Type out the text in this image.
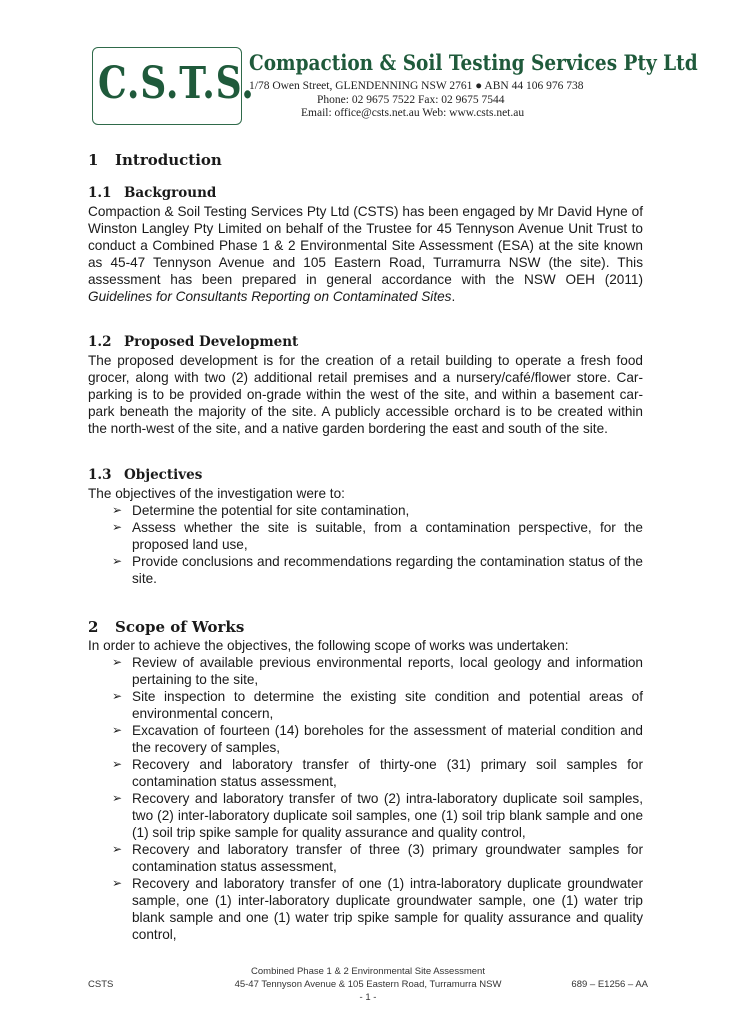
C.S.T.S.
Compaction & Soil Testing Services Pty Ltd
1/78 Owen Street, GLENDENNING NSW 2761 ● ABN 44 106 976 738
Phone: 02 9675 7522 Fax: 02 9675 7544
Email: office@csts.net.au Web: www.csts.net.au
1 Introduction
1.1 Background

Compaction & Soil Testing Services Pty Ltd (CSTS) has been engaged by Mr David Hyne of Winston Langley Pty Limited on behalf of the Trustee for 45 Tennyson Avenue Unit Trust to conduct a Combined Phase 1 & 2 Environmental Site Assessment (ESA) at the site known as 45-47 Tennyson Avenue and 105 Eastern Road, Turramurra NSW (the site). This assessment has been prepared in general accordance with the NSW OEH (2011) Guidelines for Consultants Reporting on Contaminated Sites.

1.2 Proposed Development

The proposed development is for the creation of a retail building to operate a fresh food grocer, along with two (2) additional retail premises and a nursery/café/flower store. Car-parking is to be provided on-grade within the west of the site, and within a basement car-park beneath the majority of the site. A publicly accessible orchard is to be created within the north-west of the site, and a native garden bordering the east and south of the site.

1.3 Objectives

The objectives of the investigation were to:

➢ Determine the potential for site contamination,
➢ Assess whether the site is suitable, from a contamination perspective, for the proposed land use,
➢ Provide conclusions and recommendations regarding the contamination status of the site.
2 Scope of Works

In order to achieve the objectives, the following scope of works was undertaken:

➢ Review of available previous environmental reports, local geology and information pertaining to the site,
➢ Site inspection to determine the existing site condition and potential areas of environmental concern,
➢ Excavation of fourteen (14) boreholes for the assessment of material condition and the recovery of samples,
➢ Recovery and laboratory transfer of thirty-one (31) primary soil samples for contamination status assessment,
➢ Recovery and laboratory transfer of two (2) intra-laboratory duplicate soil samples, two (2) inter-laboratory duplicate soil samples, one (1) soil trip blank sample and one (1) soil trip spike sample for quality assurance and quality control,
➢ Recovery and laboratory transfer of three (3) primary groundwater samples for contamination status assessment,
➢ Recovery and laboratory transfer of one (1) intra-laboratory duplicate groundwater sample, one (1) inter-laboratory duplicate groundwater sample, one (1) water trip blank sample and one (1) water trip spike sample for quality assurance and quality control,
Combined Phase 1 & 2 Environmental Site Assessment
CSTS	45-47 Tennyson Avenue & 105 Eastern Road, Turramurra NSW	689 – E1256 – AA
- 1 -
